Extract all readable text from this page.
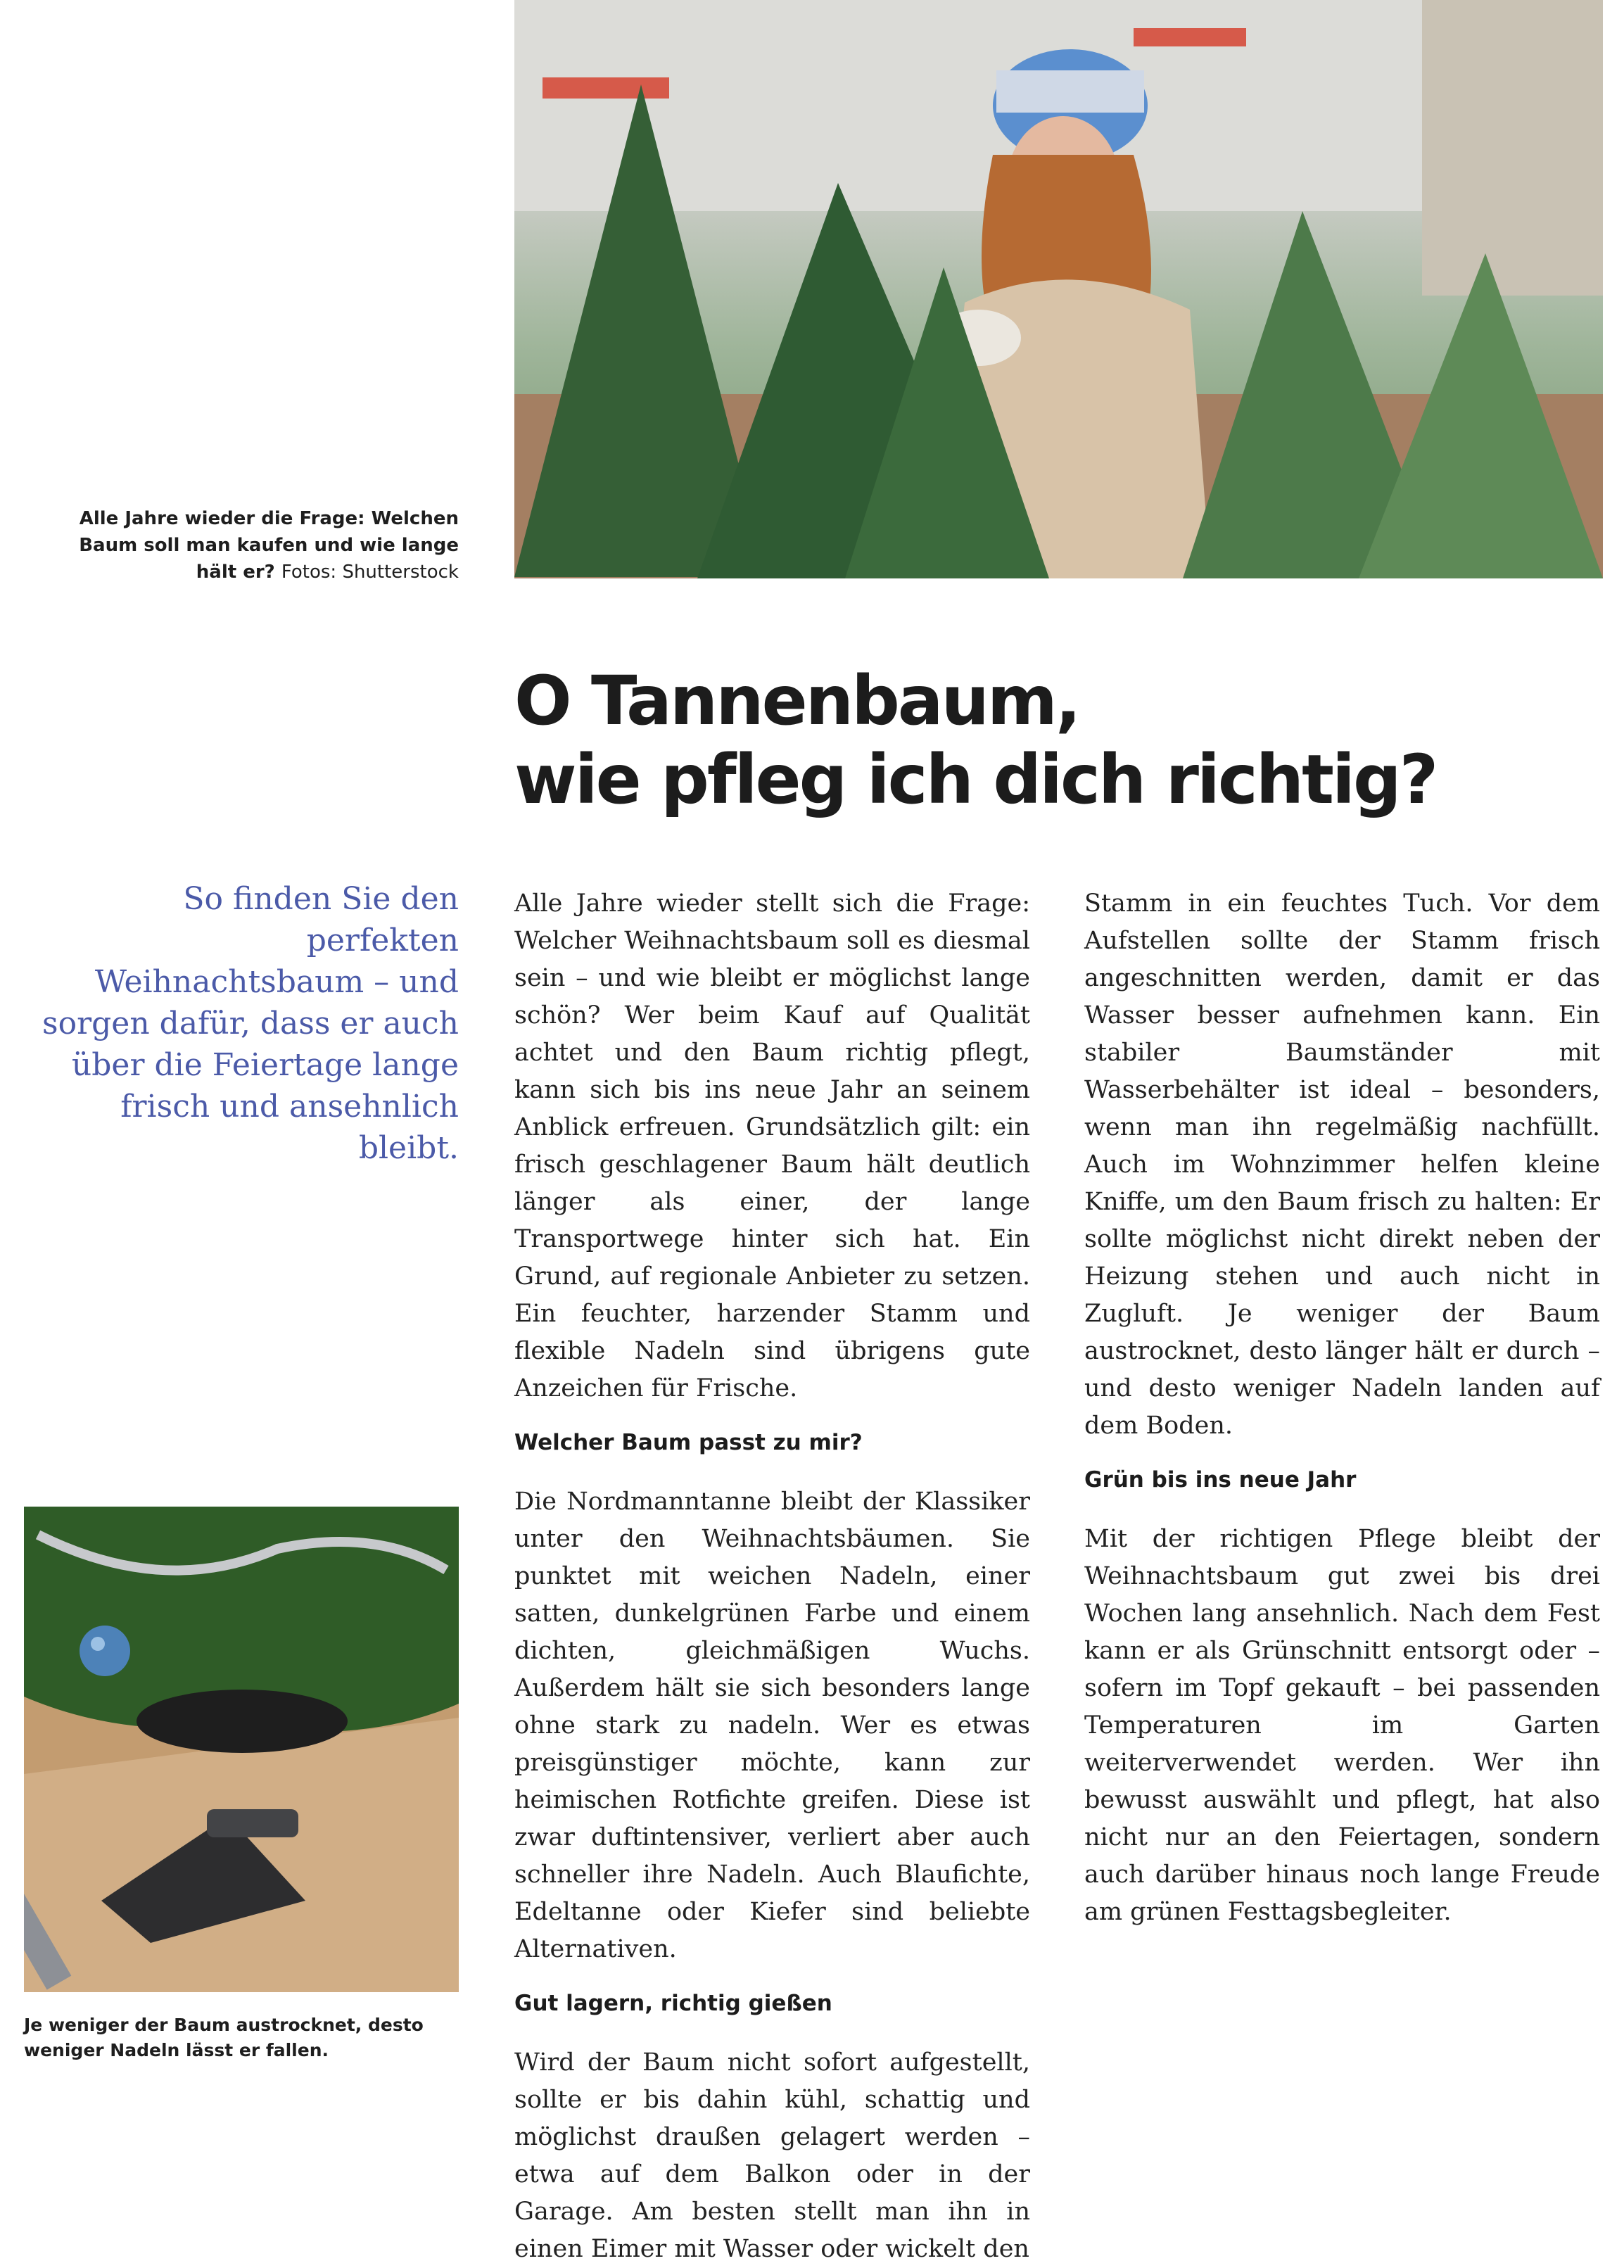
Alle Jahre wieder die Frage: Welchen Baum soll man kaufen und wie lange hält er? Fotos: Shutterstock
O Tannenbaum,
wie pfleg ich dich richtig?
So finden Sie den perfekten Weihnachtsbaum – und sorgen dafür, dass er auch über die Feiertage lange frisch und ansehnlich bleibt.

Alle Jahre wieder stellt sich die Frage: Welcher Weihnachtsbaum soll es diesmal sein – und wie bleibt er möglichst lange schön? Wer beim Kauf auf Qualität achtet und den Baum richtig pflegt, kann sich bis ins neue Jahr an seinem Anblick erfreuen. Grundsätzlich gilt: ein frisch geschlagener Baum hält deutlich länger als einer, der lange Transportwege hinter sich hat. Ein Grund, auf regionale Anbieter zu setzen. Ein feuchter, harzender Stamm und flexible Nadeln sind übrigens gute Anzeichen für Frische.

Welcher Baum passt zu mir?

Die Nordmanntanne bleibt der Klassiker unter den Weihnachtsbäumen. Sie punktet mit weichen Nadeln, einer satten, dunkelgrünen Farbe und einem dichten, gleichmäßigen Wuchs. Außerdem hält sie sich besonders lange ohne stark zu nadeln. Wer es etwas preisgünstiger möchte, kann zur heimischen Rotfichte greifen. Diese ist zwar duftintensiver, verliert aber auch schneller ihre Nadeln. Auch Blaufichte, Edeltanne oder Kiefer sind beliebte Alternativen.

Gut lagern, richtig gießen

Wird der Baum nicht sofort aufgestellt, sollte er bis dahin kühl, schattig und möglichst draußen gelagert werden – etwa auf dem Balkon oder in der Garage. Am besten stellt man ihn in einen Eimer mit Wasser oder wickelt den

Stamm in ein feuchtes Tuch. Vor dem Aufstellen sollte der Stamm frisch angeschnitten werden, damit er das Wasser besser aufnehmen kann. Ein stabiler Baumständer mit Wasserbehälter ist ideal – besonders, wenn man ihn regelmäßig nachfüllt. Auch im Wohnzimmer helfen kleine Kniffe, um den Baum frisch zu halten: Er sollte möglichst nicht direkt neben der Heizung stehen und auch nicht in Zugluft. Je weniger der Baum austrocknet, desto länger hält er durch – und desto weniger Nadeln landen auf dem Boden.

Grün bis ins neue Jahr

Mit der richtigen Pflege bleibt der Weihnachtsbaum gut zwei bis drei Wochen lang ansehnlich. Nach dem Fest kann er als Grünschnitt entsorgt oder – sofern im Topf gekauft – bei passenden Temperaturen im Garten weiterverwendet werden. Wer ihn bewusst auswählt und pflegt, hat also nicht nur an den Feiertagen, sondern auch darüber hinaus noch lange Freude am grünen Festtagsbegleiter.

Je weniger der Baum austrocknet, desto weniger Nadeln lässt er fallen.
